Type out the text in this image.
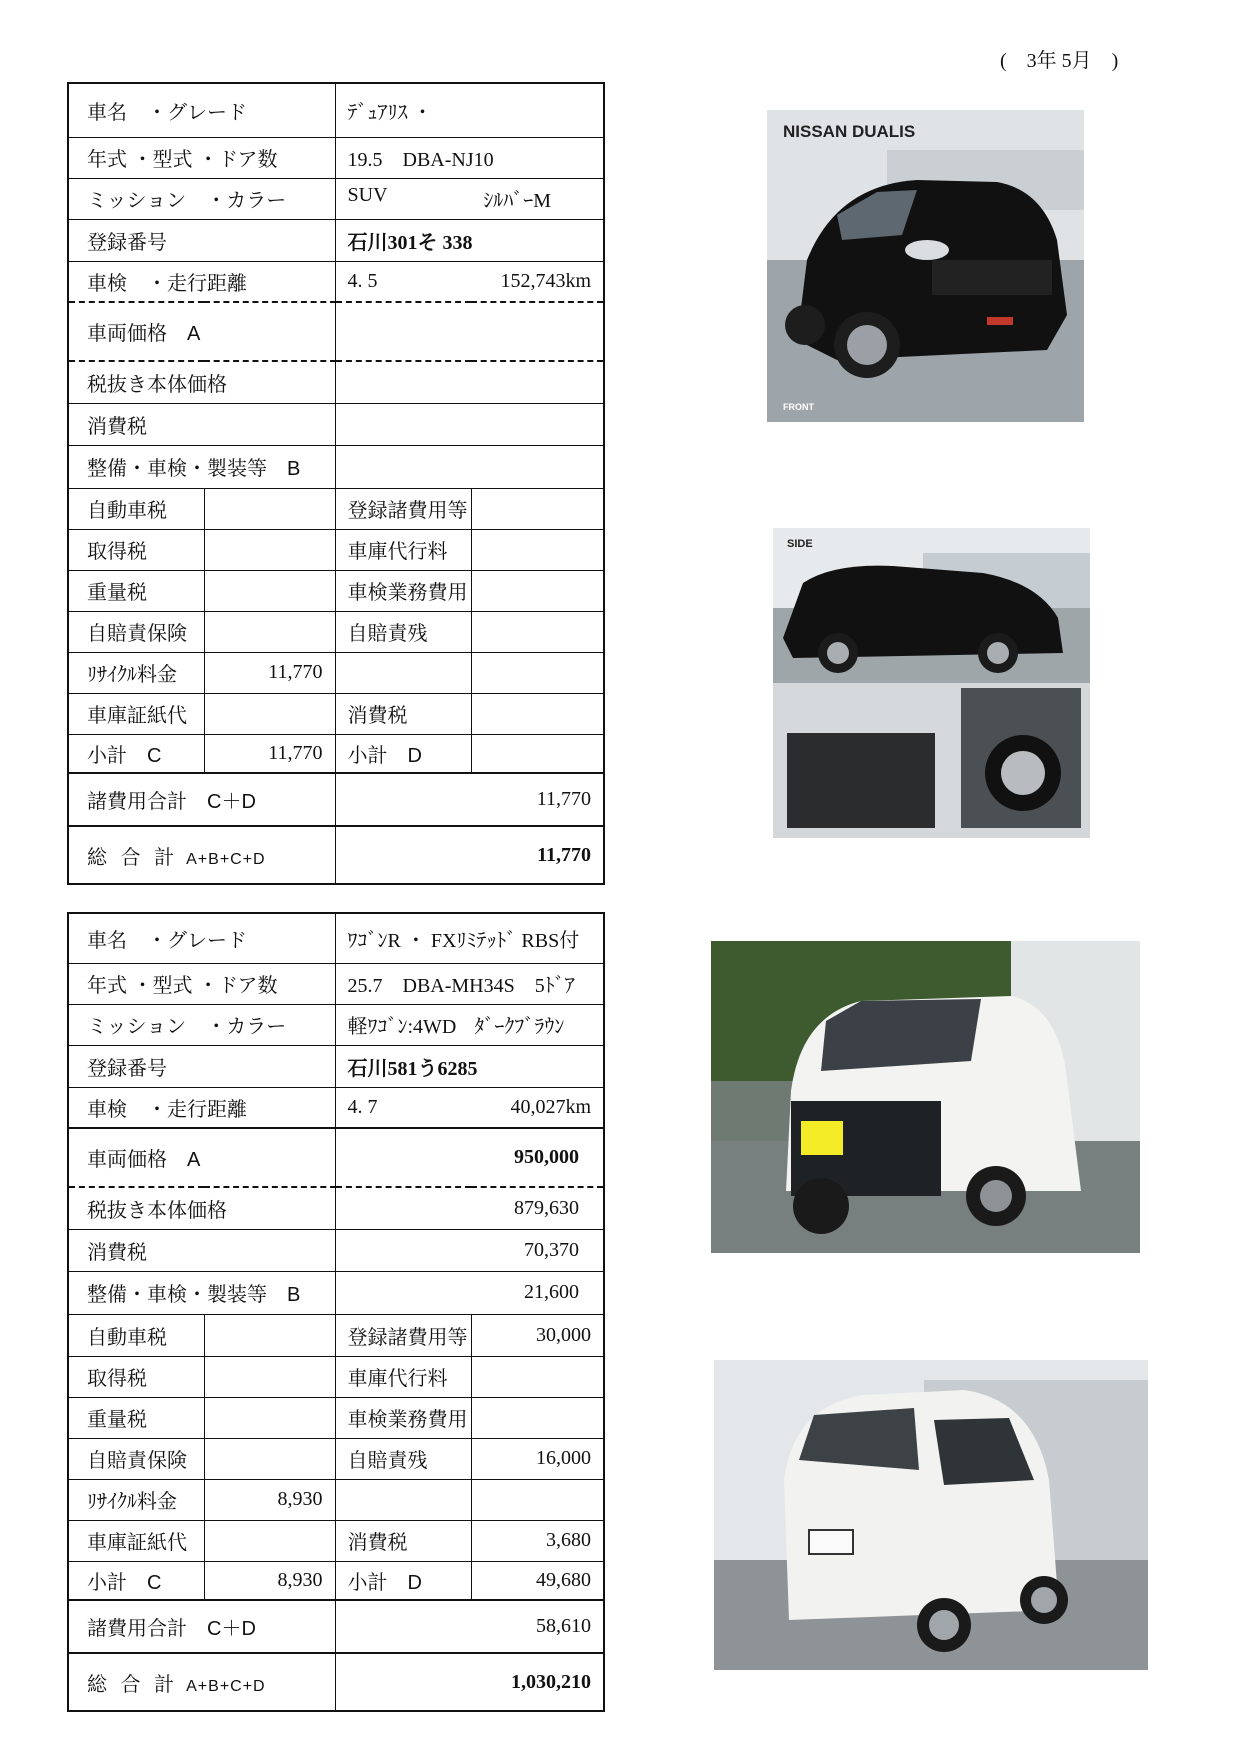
(　3年 5月　)
車名　・グレード		ﾃﾞｭｱﾘｽ ・	
年式 ・型式 ・ドア数		19.5　DBA-NJ10	
ミッション　・カラー		SUV ｼﾙﾊﾞｰM	

登録番号		石川301そ 338	
車検　・走行距離		4. 5 152,743km	

車両価格　A			
税抜き本体価格			
消費税			
整備・車検・製装等　B			
自動車税		登録諸費用等	
取得税		車庫代行料	
重量税		車検業務費用	
自賠責保険		自賠責残	
ﾘｻｲｸﾙ料金	11,770		
車庫証紙代		消費税	
小計　C	11,770	小計　D	
諸費用合計　C＋D		11,770	
総 合 計 A+B+C+D		11,770	
車名　・グレード		ﾜｺﾞﾝR ・ FXﾘﾐﾃｯﾄﾞ RBS付	
年式 ・型式 ・ドア数		25.7　DBA-MH34S　5ﾄﾞｱ	
ミッション　・カラー		軽ﾜｺﾞﾝ:4WD ﾀﾞｰｸﾌﾞﾗｳﾝ	

登録番号		石川581う6285	
車検　・走行距離		4. 7 40,027km	

車両価格　A		950,000	
税抜き本体価格		879,630	
消費税		70,370	
整備・車検・製装等　B		21,600	
自動車税		登録諸費用等	30,000
取得税		車庫代行料	
重量税		車検業務費用	
自賠責保険		自賠責残	16,000
ﾘｻｲｸﾙ料金	8,930		
車庫証紙代		消費税	3,680
小計　C	8,930	小計　D	49,680
諸費用合計　C＋D		58,610	
総 合 計 A+B+C+D		1,030,210	
NISSAN DUALIS
FRONT
SIDE
